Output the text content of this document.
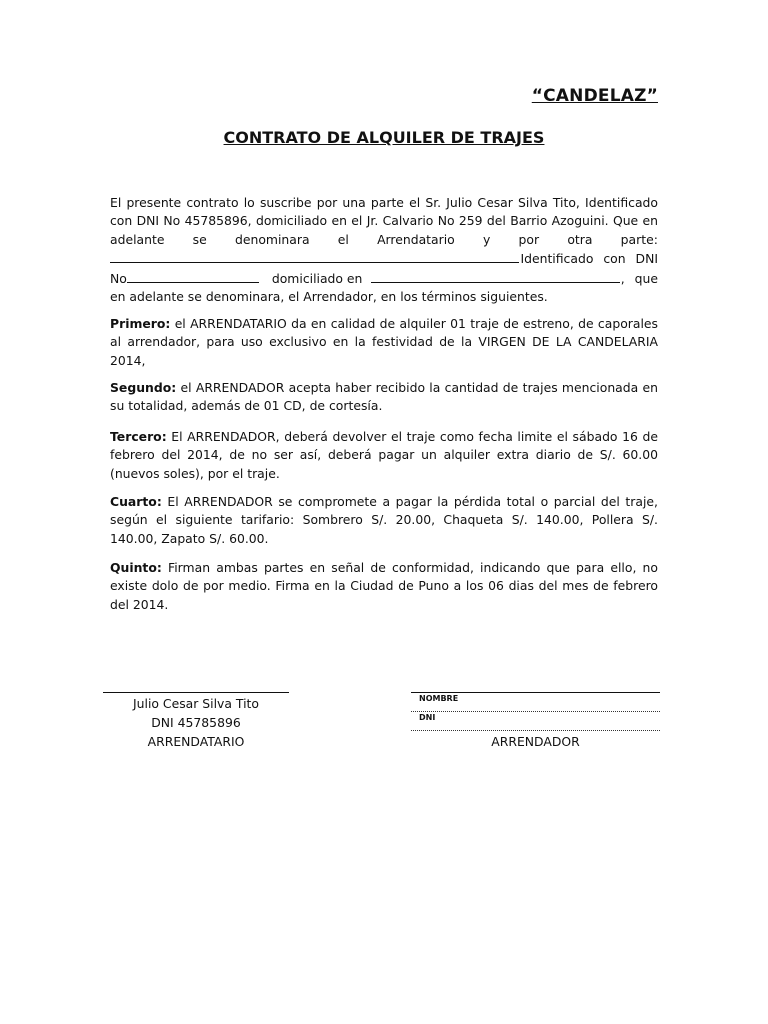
“CANDELAZ”
CONTRATO DE ALQUILER DE TRAJES
El presente contrato lo suscribe por una parte el Sr. Julio Cesar Silva Tito, Identificado
con DNI No 45785896, domiciliado en el Jr. Calvario No 259 del Barrio Azoguini. Que en
adelante se denominara el Arrendatario y por otra parte:
Identificado con DNI
No	domiciliado en	, que
en adelante se denominara, el Arrendador, en los términos siguientes.

Primero: el ARRENDATARIO da en calidad de alquiler 01 traje de estreno, de caporales al arrendador, para uso exclusivo en la festividad de la VIRGEN DE LA CANDELARIA 2014,

Segundo: el ARRENDADOR acepta haber recibido la cantidad de trajes mencionada en su totalidad, además de 01 CD, de cortesía.

Tercero: El ARRENDADOR, deberá devolver el traje como fecha limite el sábado 16 de febrero del 2014, de no ser así, deberá pagar un alquiler extra diario de S/. 60.00 (nuevos soles), por el traje.

Cuarto: El ARRENDADOR se compromete a pagar la pérdida total o parcial del traje, según el siguiente tarifario: Sombrero S/. 20.00, Chaqueta S/. 140.00, Pollera S/. 140.00, Zapato S/. 60.00.

Quinto: Firman ambas partes en señal de conformidad, indicando que para ello, no existe dolo de por medio. Firma en la Ciudad de Puno a los 06 dias del mes de febrero del 2014.

Julio Cesar Silva Tito
DNI 45785896
ARRENDATARIO
NOMBRE
DNI
ARRENDADOR
